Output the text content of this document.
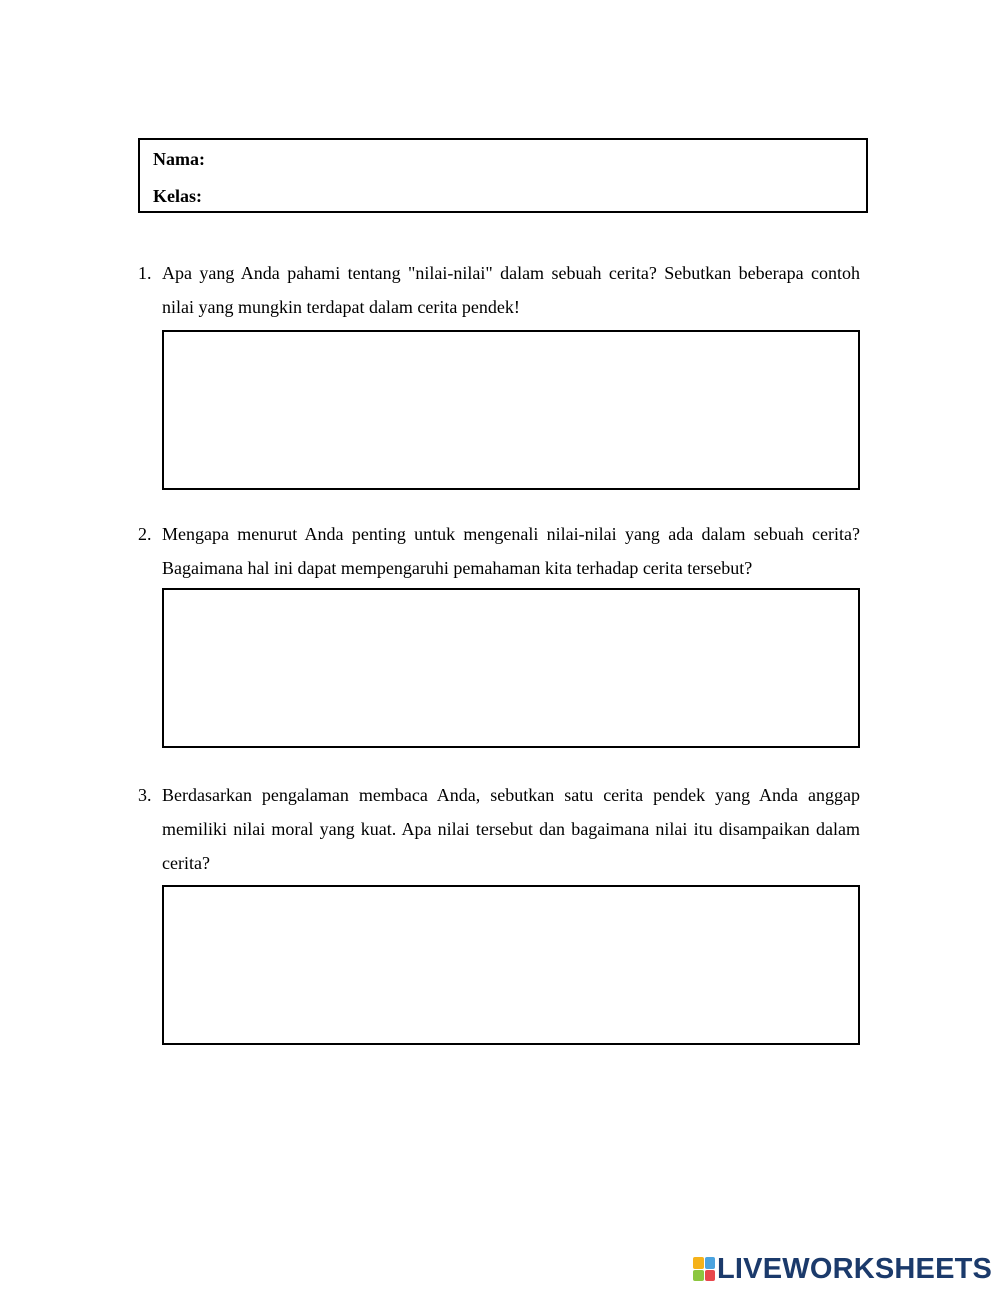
Nama:
Kelas:
1. Apa yang Anda pahami tentang "nilai-nilai" dalam sebuah cerita? Sebutkan beberapa contoh nilai yang mungkin terdapat dalam cerita pendek!
2. Mengapa menurut Anda penting untuk mengenali nilai-nilai yang ada dalam sebuah cerita? Bagaimana hal ini dapat mempengaruhi pemahaman kita terhadap cerita tersebut?
3. Berdasarkan pengalaman membaca Anda, sebutkan satu cerita pendek yang Anda anggap memiliki nilai moral yang kuat. Apa nilai tersebut dan bagaimana nilai itu disampaikan dalam cerita?
LIVEWORKSHEETS
